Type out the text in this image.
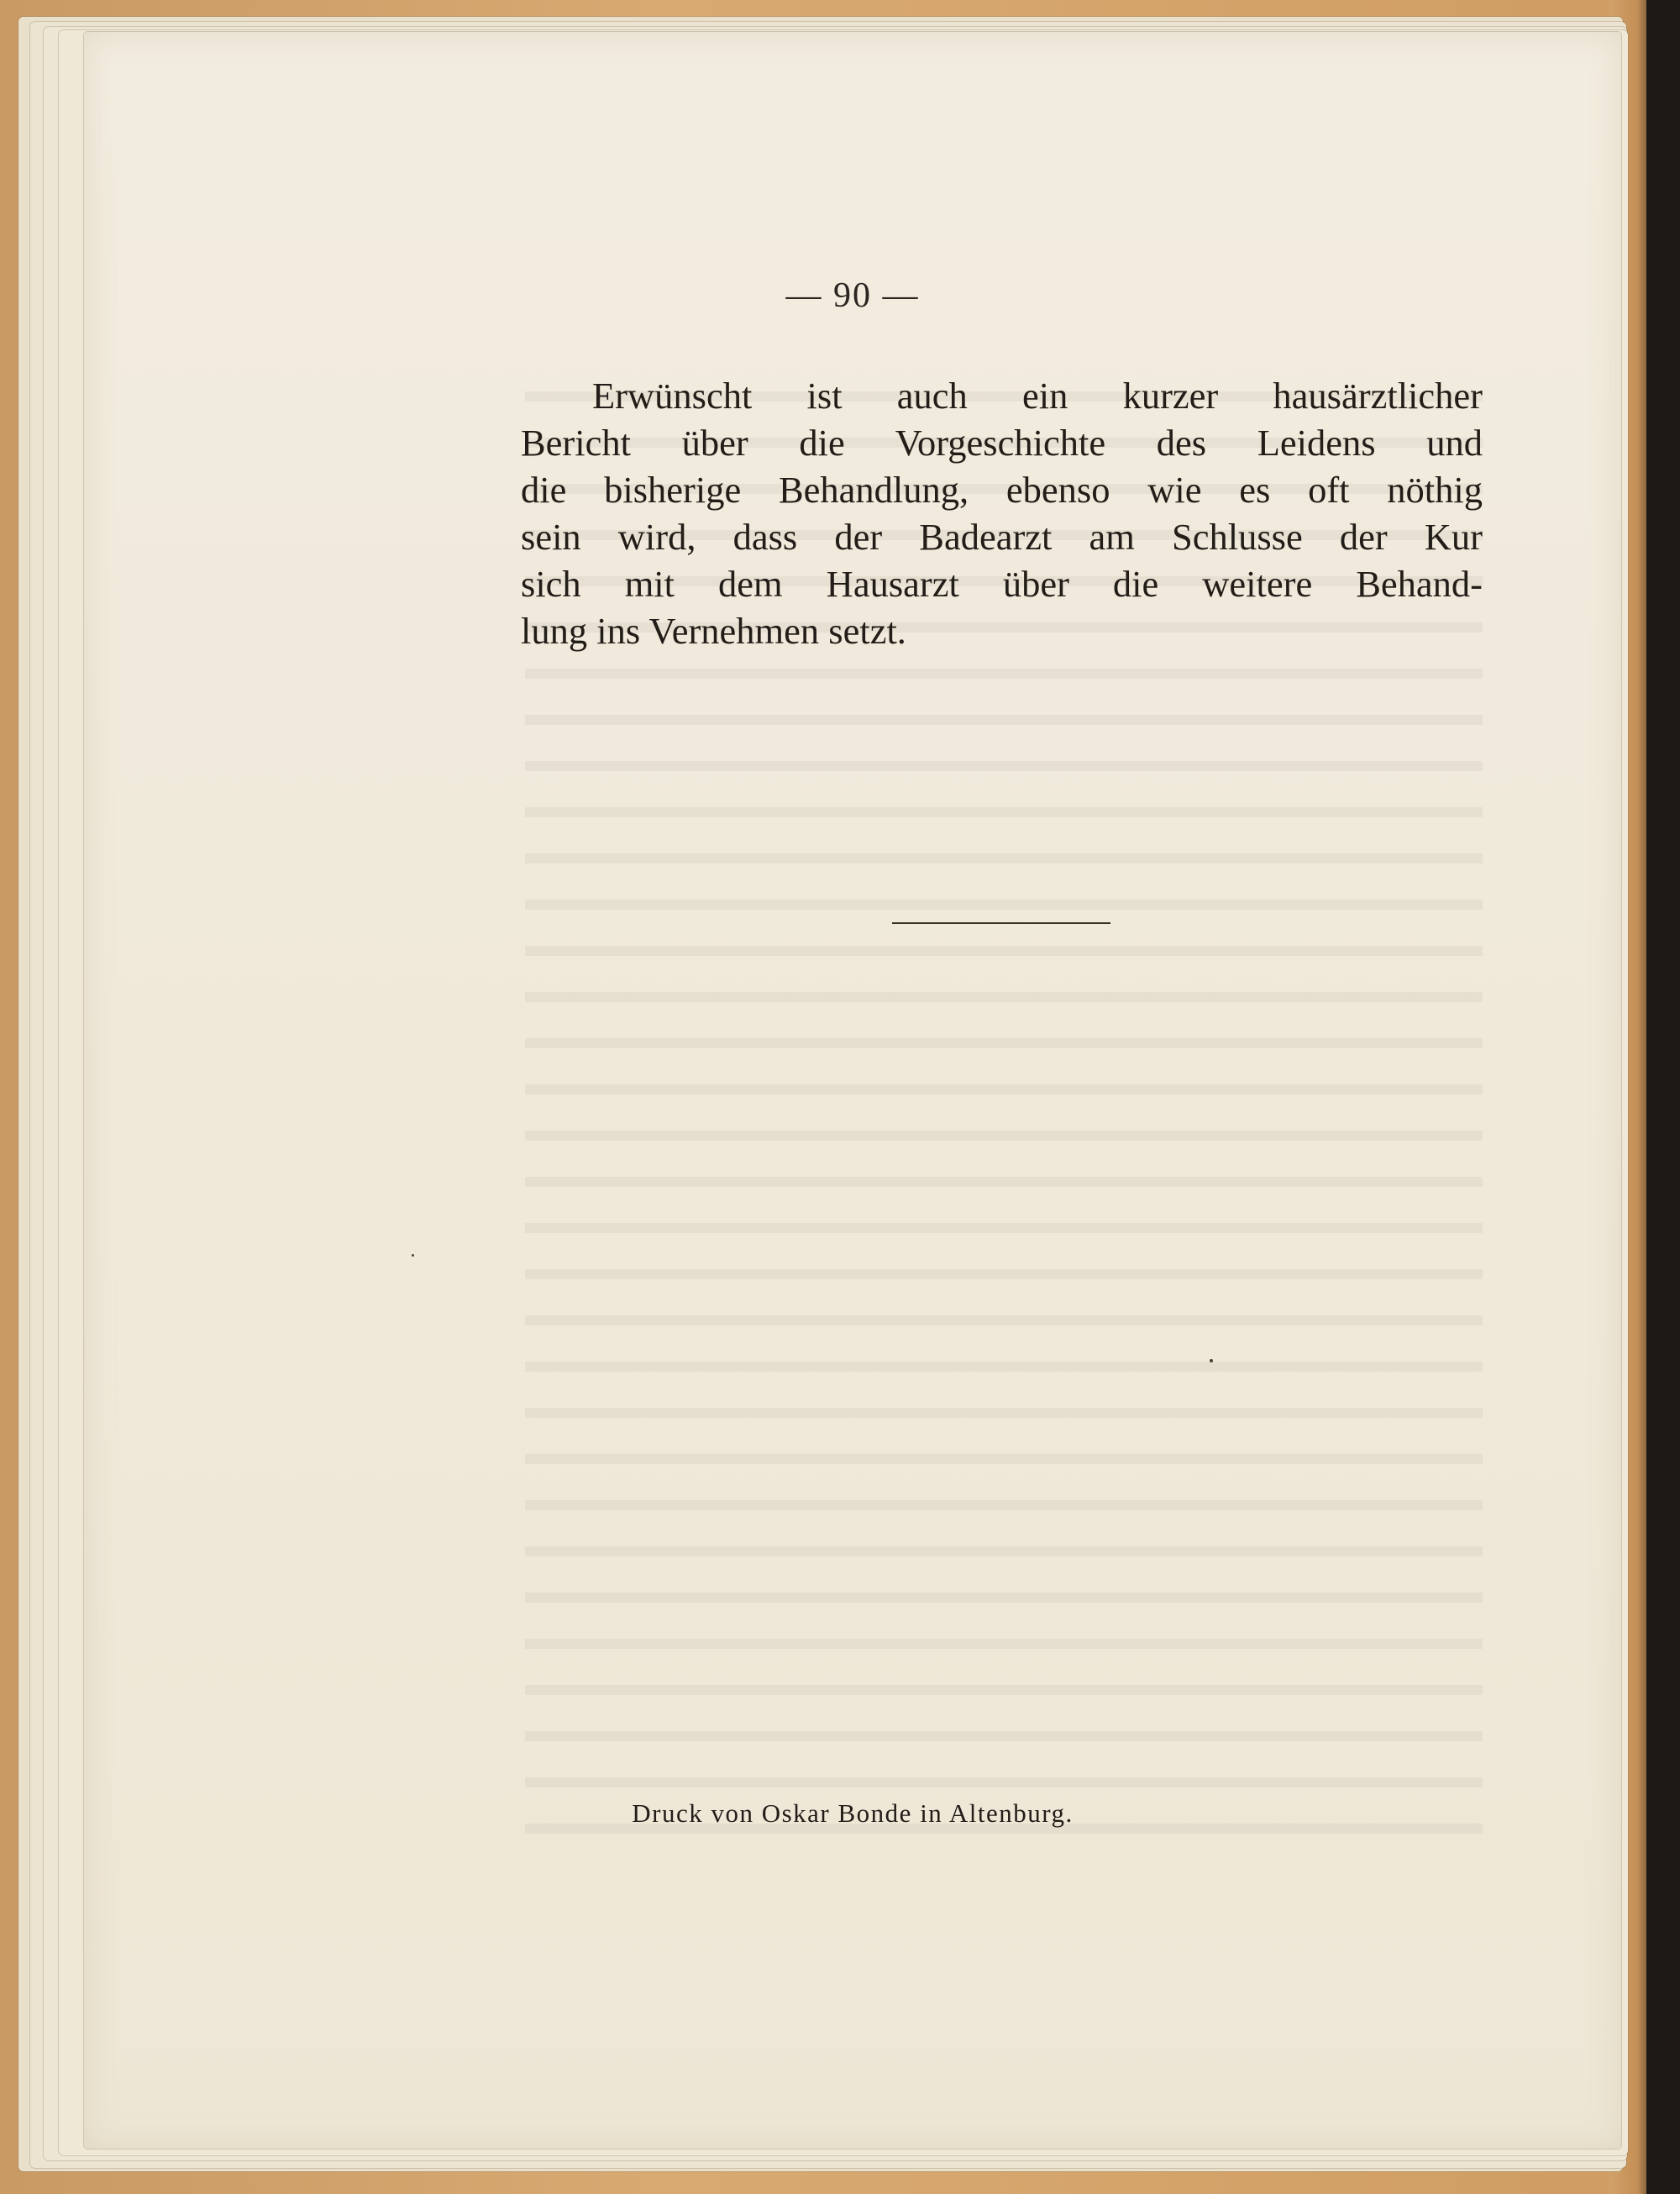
— 90 —
Erwünscht ist auch ein kurzer hausärztlicher
Bericht über die Vorgeschichte des Leidens und
die bisherige Behandlung, ebenso wie es oft nöthig
sein wird, dass der Badearzt am Schlusse der Kur
sich mit dem Hausarzt über die weitere Behand-
lung ins Vernehmen setzt.
Druck von Oskar Bonde in Altenburg.
